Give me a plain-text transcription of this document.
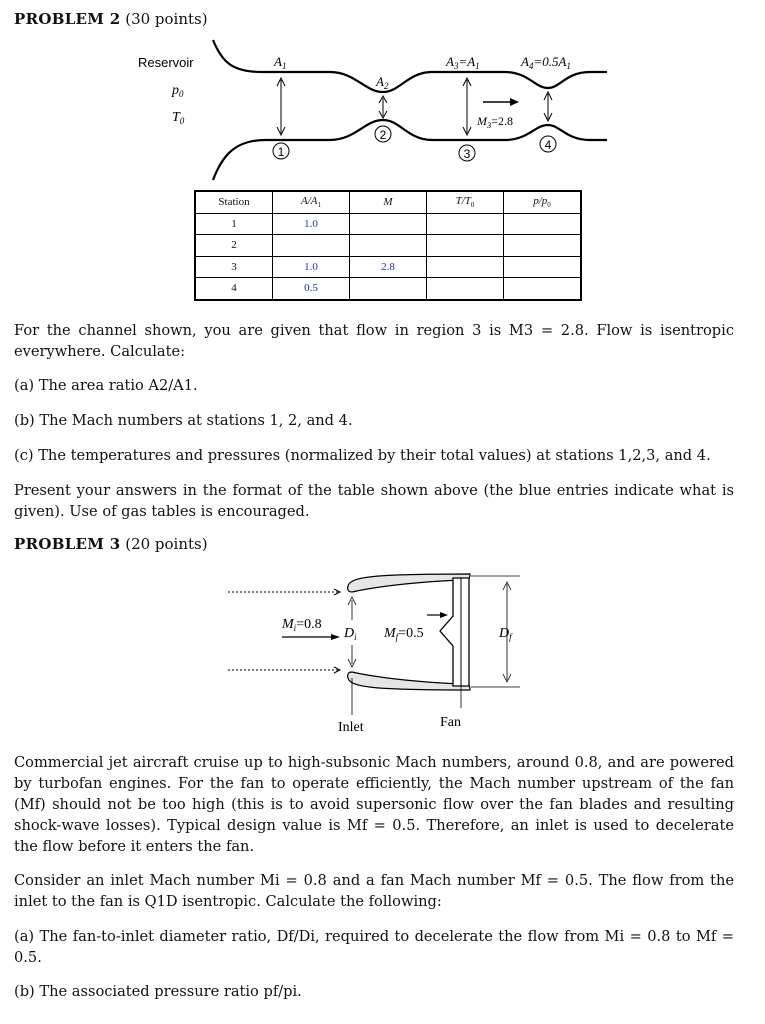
PROBLEM 2 (30 points)
1
2
3
4
Reservoir
$p_0$
$T_0$
$A_1$
$A_2$
$A_3=A_1$	$A_4=0.5A_1$
$M_3=2.8$
Station	$A/A_1$	M	$T/T_0$	$p/p_0$
1	1.0			
2				
3	1.0	2.8		
4	0.5			

For the channel shown, you are given that flow in region 3 is M3 = 2.8. Flow is isentropic everywhere. Calculate:

(a) The area ratio A2/A1.

(b) The Mach numbers at stations 1, 2, and 4.

(c) The temperatures and pressures (normalized by their total values) at stations 1,2,3, and 4.

Present your answers in the format of the table shown above (the blue entries indicate what is given). Use of gas tables is encouraged.

PROBLEM 3 (20 points)
$M_i=0.8$
$D_i$ $M_f=0.5$	$D_f$
Inlet	Fan

Commercial jet aircraft cruise up to high-subsonic Mach numbers, around 0.8, and are powered by turbofan engines. For the fan to operate efficiently, the Mach number upstream of the fan (Mf) should not be too high (this is to avoid supersonic flow over the fan blades and resulting shock-wave losses). Typical design value is Mf = 0.5. Therefore, an inlet is used to decelerate the flow before it enters the fan.

Consider an inlet Mach number Mi = 0.8 and a fan Mach number Mf = 0.5. The flow from the inlet to the fan is Q1D isentropic. Calculate the following:

(a) The fan-to-inlet diameter ratio, Df/Di, required to decelerate the flow from Mi = 0.8 to Mf = 0.5.

(b) The associated pressure ratio pf/pi.
